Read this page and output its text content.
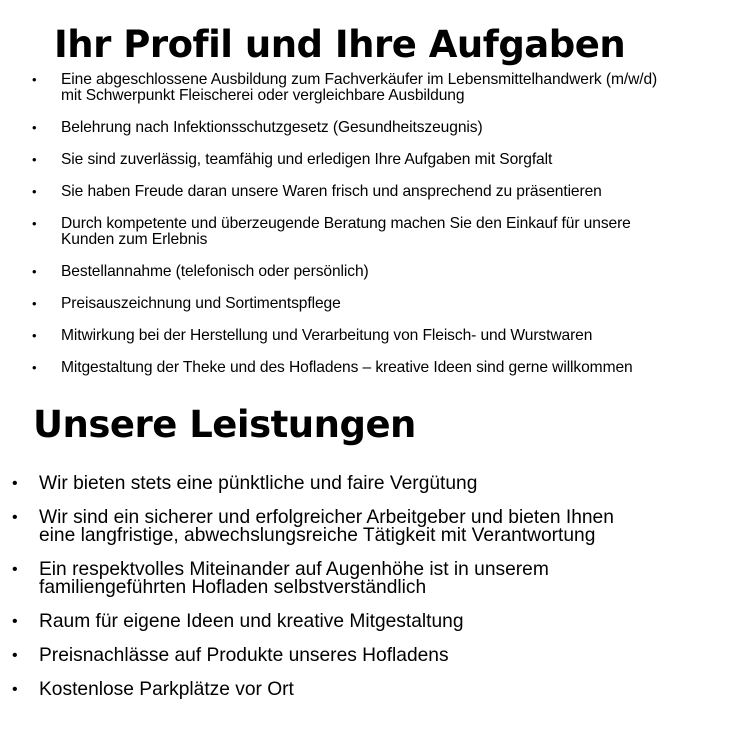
Ihr Profil und Ihre Aufgaben
• Eine abgeschlossene Ausbildung zum Fachverkäufer im Lebensmittelhandwerk (m/w/d)
mit Schwerpunkt Fleischerei oder vergleichbare Ausbildung
• Belehrung nach Infektionsschutzgesetz (Gesundheitszeugnis)
• Sie sind zuverlässig, teamfähig und erledigen Ihre Aufgaben mit Sorgfalt
• Sie haben Freude daran unsere Waren frisch und ansprechend zu präsentieren
• Durch kompetente und überzeugende Beratung machen Sie den Einkauf für unsere
Kunden zum Erlebnis
• Bestellannahme (telefonisch oder persönlich)
• Preisauszeichnung und Sortimentspflege
• Mitwirkung bei der Herstellung und Verarbeitung von Fleisch- und Wurstwaren
• Mitgestaltung der Theke und des Hofladens – kreative Ideen sind gerne willkommen
Unsere Leistungen
• Wir bieten stets eine pünktliche und faire Vergütung
• Wir sind ein sicherer und erfolgreicher Arbeitgeber und bieten Ihnen
eine langfristige, abwechslungsreiche Tätigkeit mit Verantwortung
• Ein respektvolles Miteinander auf Augenhöhe ist in unserem
familiengeführten Hofladen selbstverständlich
• Raum für eigene Ideen und kreative Mitgestaltung
• Preisnachlässe auf Produkte unseres Hofladens
• Kostenlose Parkplätze vor Ort
